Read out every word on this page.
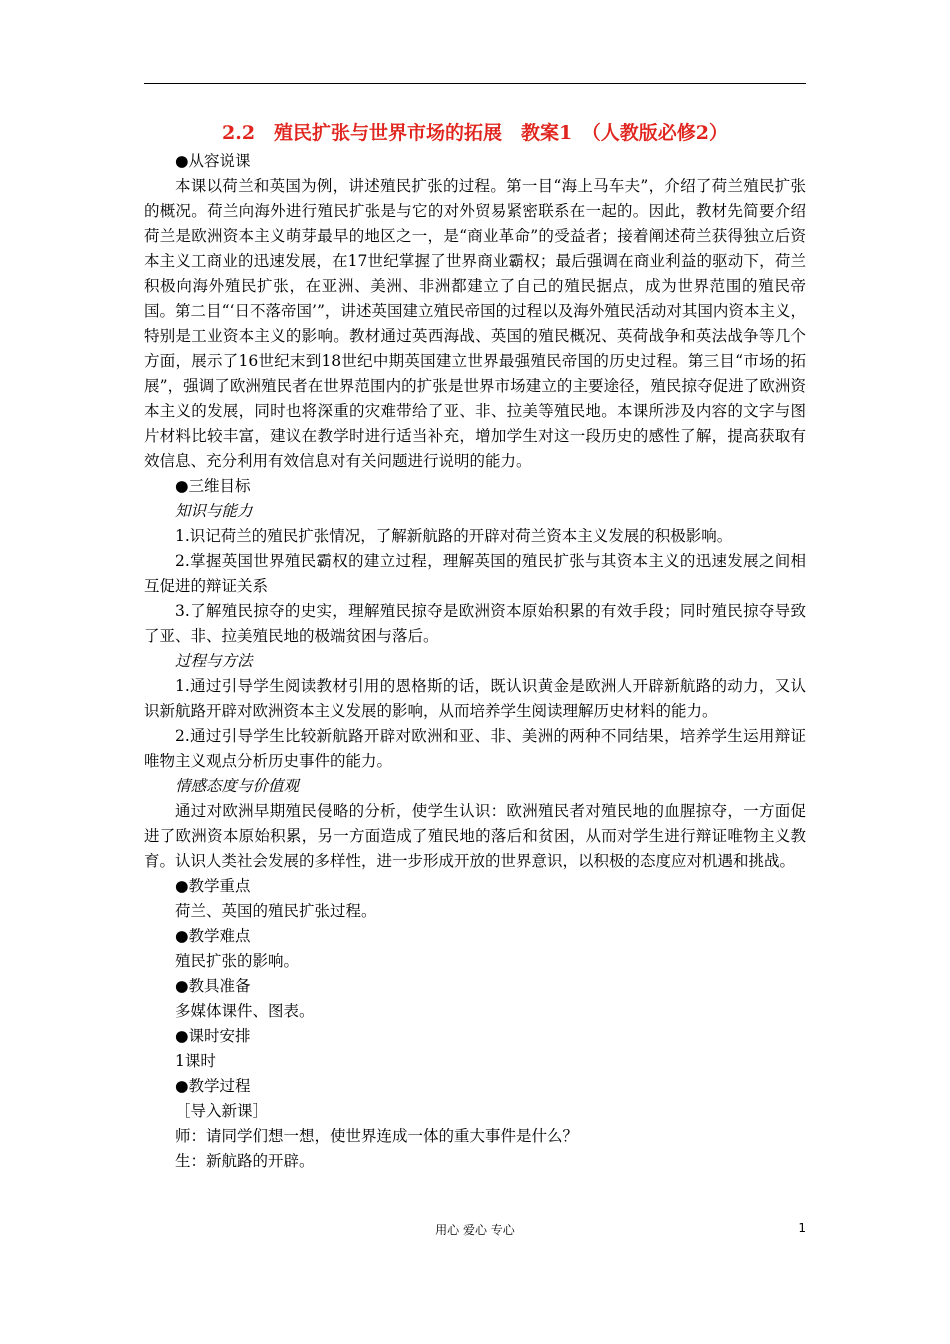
2.2　殖民扩张与世界市场的拓展　教案1　（人教版必修2）

●从容说课

本课以荷兰和英国为例，讲述殖民扩张的过程。第一目“海上马车夫”，介绍了荷兰殖民扩张的概况。荷兰向海外进行殖民扩张是与它的对外贸易紧密联系在一起的。因此，教材先简要介绍荷兰是欧洲资本主义萌芽最早的地区之一，是“商业革命”的受益者；接着阐述荷兰获得独立后资本主义工商业的迅速发展，在17世纪掌握了世界商业霸权；最后强调在商业利益的驱动下，荷兰积极向海外殖民扩张，在亚洲、美洲、非洲都建立了自己的殖民据点，成为世界范围的殖民帝国。第二目“‘日不落帝国’”，讲述英国建立殖民帝国的过程以及海外殖民活动对其国内资本主义，特别是工业资本主义的影响。教材通过英西海战、英国的殖民概况、英荷战争和英法战争等几个方面，展示了16世纪末到18世纪中期英国建立世界最强殖民帝国的历史过程。第三目“市场的拓展”，强调了欧洲殖民者在世界范围内的扩张是世界市场建立的主要途径，殖民掠夺促进了欧洲资本主义的发展，同时也将深重的灾难带给了亚、非、拉美等殖民地。本课所涉及内容的文字与图片材料比较丰富，建议在教学时进行适当补充，增加学生对这一段历史的感性了解，提高获取有效信息、充分利用有效信息对有关问题进行说明的能力。

●三维目标

知识与能力

1.识记荷兰的殖民扩张情况，了解新航路的开辟对荷兰资本主义发展的积极影响。

2.掌握英国世界殖民霸权的建立过程，理解英国的殖民扩张与其资本主义的迅速发展之间相互促进的辩证关系

3.了解殖民掠夺的史实，理解殖民掠夺是欧洲资本原始积累的有效手段；同时殖民掠夺导致了亚、非、拉美殖民地的极端贫困与落后。

过程与方法

1.通过引导学生阅读教材引用的恩格斯的话，既认识黄金是欧洲人开辟新航路的动力，又认识新航路开辟对欧洲资本主义发展的影响，从而培养学生阅读理解历史材料的能力。

2.通过引导学生比较新航路开辟对欧洲和亚、非、美洲的两种不同结果，培养学生运用辩证唯物主义观点分析历史事件的能力。

情感态度与价值观

通过对欧洲早期殖民侵略的分析，使学生认识：欧洲殖民者对殖民地的血腥掠夺，一方面促进了欧洲资本原始积累，另一方面造成了殖民地的落后和贫困，从而对学生进行辩证唯物主义教育。认识人类社会发展的多样性，进一步形成开放的世界意识，以积极的态度应对机遇和挑战。

●教学重点

荷兰、英国的殖民扩张过程。

●教学难点

殖民扩张的影响。

●教具准备

多媒体课件、图表。

●课时安排

1课时

●教学过程

［导入新课］

师：请同学们想一想，使世界连成一体的重大事件是什么？

生：新航路的开辟。

用心 爱心 专心	1
